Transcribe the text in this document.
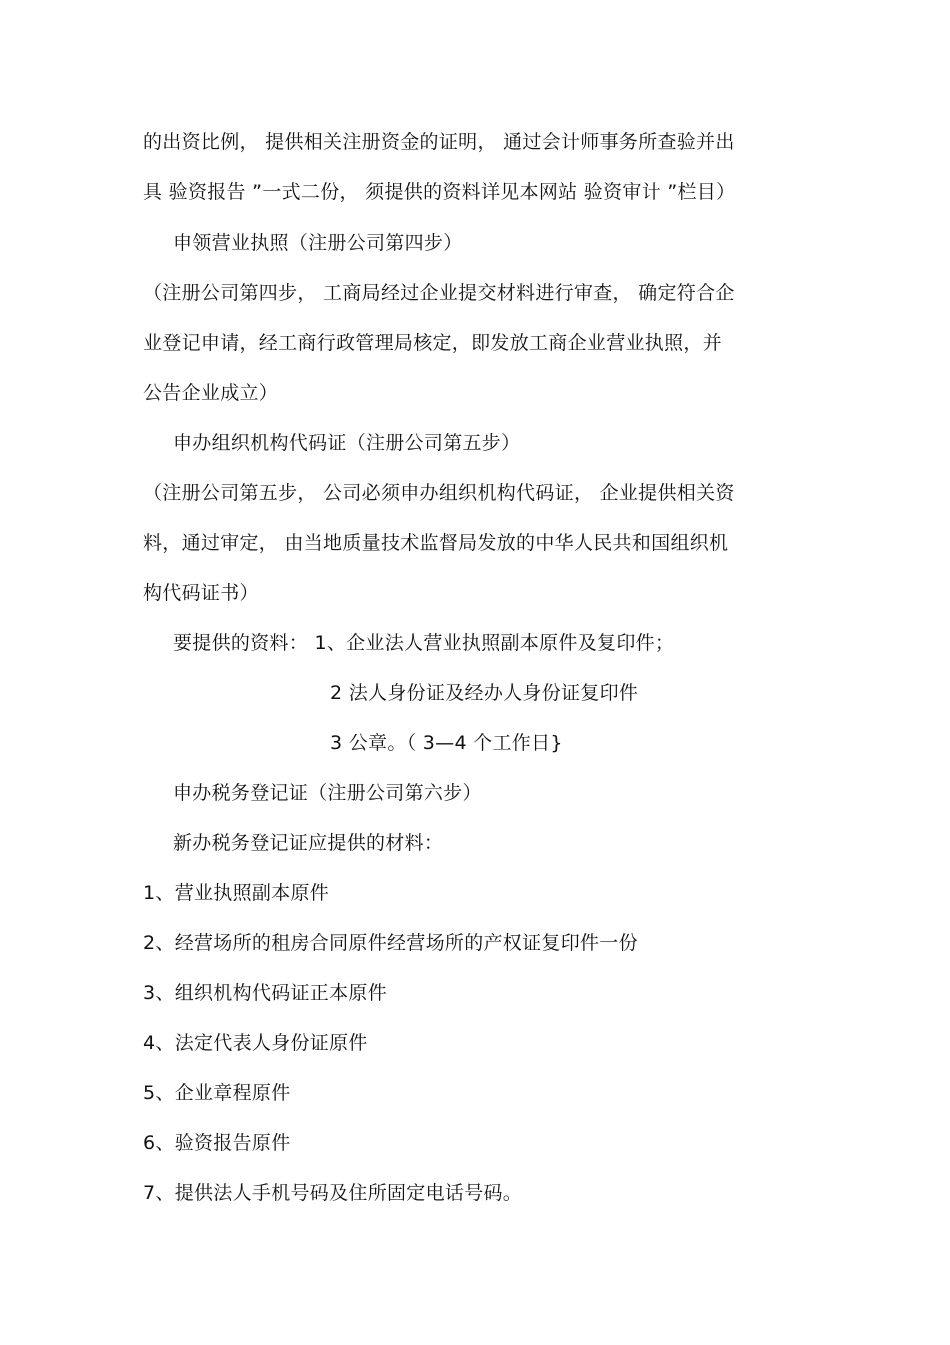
的出资比例， 提供相关注册资金的证明， 通过会计师事务所查验并出
具 验资报告 ”一式二份， 须提供的资料详见本网站 验资审计 ”栏目）
申领营业执照（注册公司第四步）
（注册公司第四步， 工商局经过企业提交材料进行审查， 确定符合企
业登记申请，经工商行政管理局核定，即发放工商企业营业执照，并
公告企业成立）
申办组织机构代码证（注册公司第五步）
（注册公司第五步， 公司必须申办组织机构代码证， 企业提供相关资
料，通过审定， 由当地质量技术监督局发放的中华人民共和国组织机
构代码证书）
要提供的资料： 1、企业法人营业执照副本原件及复印件；
2 法人身份证及经办人身份证复印件
3 公章。（ 3—4 个工作日}
申办税务登记证（注册公司第六步）
新办税务登记证应提供的材料：
1、营业执照副本原件
2、经营场所的租房合同原件经营场所的产权证复印件一份
3、组织机构代码证正本原件
4、法定代表人身份证原件
5、企业章程原件
6、验资报告原件
7、提供法人手机号码及住所固定电话号码。
